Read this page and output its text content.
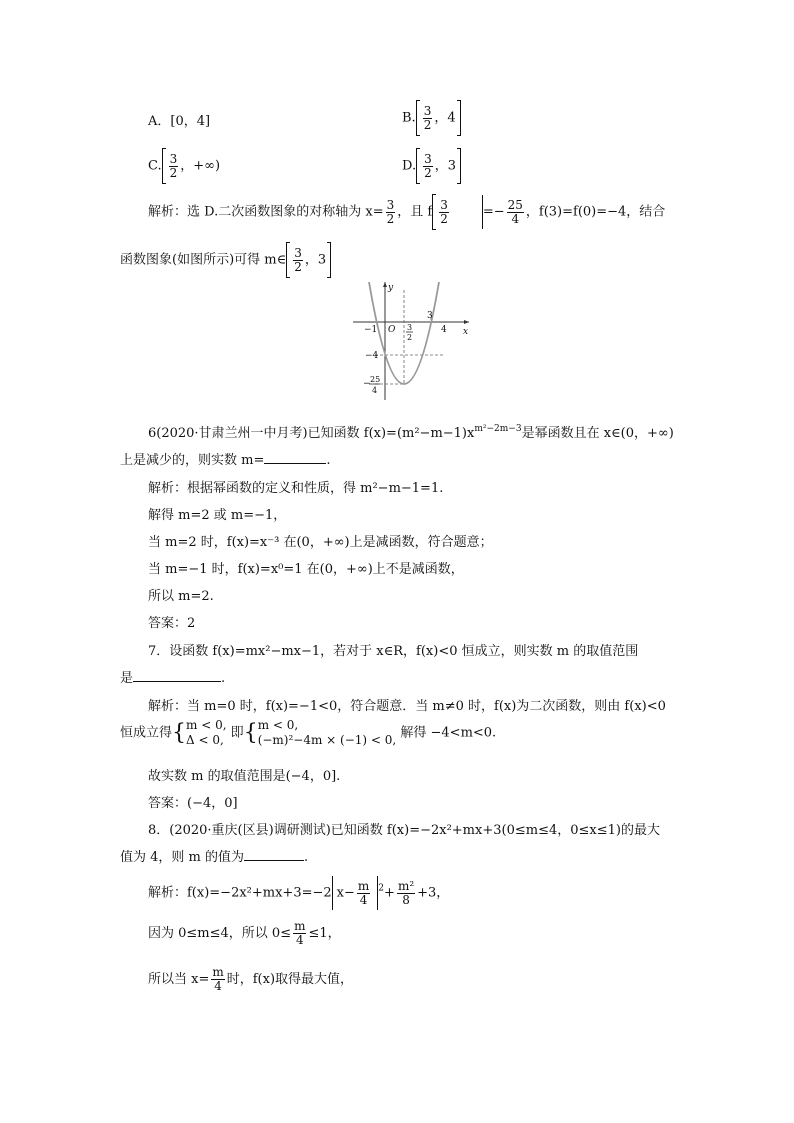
A．[0，4]	B. $\frac{3}{2}$ ，4
C. $\frac{3}{2}$ ，+∞)	D. $\frac{3}{2}$ ，3
解析：选 D.二次函数图象的对称轴为 $x= \frac{3}{2}$ ，且 f $\frac{3}{2}$	=− $\frac{25}{4}$ ，f(3)=f(0)=−4，结合
函数图象(如图所示)可得 m∈ $\frac{3}{2}$ ，3
y
x
O
−1
3
4
3
2
−4
− 25
4
6(2020·甘肃兰州一中月考)已知函数 $f(x)=(m^2-m-1)x^{m^2-2m-3}$是幂函数且在 x∈(0，+∞)
上是减少的，则实数 m=	.
解析：根据幂函数的定义和性质，得 m²−m−1=1.
解得 m=2 或 m=−1，
当 m=2 时，f(x)=x⁻³ 在(0，+∞)上是减函数，符合题意；
当 m=−1 时，f(x)=x⁰=1 在(0，+∞)上不是减函数，
所以 m=2.
答案：2
7．设函数 f(x)=mx²−mx−1，若对于 x∈R，f(x)<0 恒成立，则实数 m 的取值范围
是	.
解析：当 m=0 时，f(x)=−1<0，符合题意．当 m≠0 时，f(x)为二次函数，则由 f(x)<0
恒成立得{ m < 0,
Δ < 0, 即{ m < 0,
(−m)²−4m × (−1) < 0, 解得 −4<m<0.
故实数 m 的取值范围是(−4，0].
答案：(−4，0]
8．(2020·重庆(区县)调研测试)已知函数 f(x)=−2x²+mx+3(0≤m≤4，0≤x≤1)的最大
值为 4，则 m 的值为	.
解析：f(x)=−2x²+mx+3=−2 $x- \frac{m}{4} ^2+ \frac{\text{m²}}{8} +3$，
因为 0≤m≤4，所以 $0\le \frac{m}{4} \le 1$，
所以当 $x= \frac{m}{4}$ 时，f(x)取得最大值，
